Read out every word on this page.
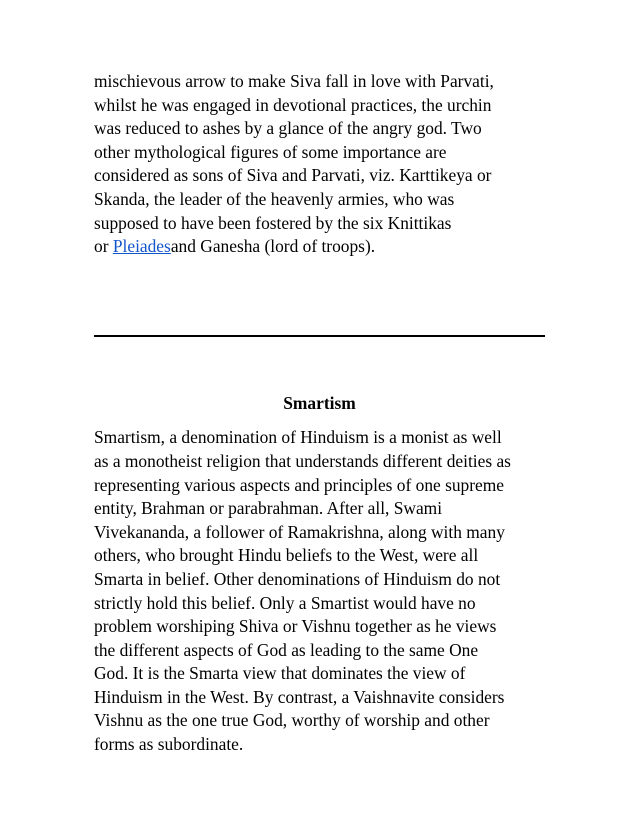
mischievous arrow to make Siva fall in love with Parvati,
whilst he was engaged in devotional practices, the urchin
was reduced to ashes by a glance of the angry god. Two
other mythological figures of some importance are
considered as sons of Siva and Parvati, viz. Karttikeya or
Skanda, the leader of the heavenly armies, who was
supposed to have been fostered by the six Knittikas
or Pleiadesand Ganesha (lord of troops).

Smartism

Smartism, a denomination of Hinduism is a monist as well
as a monotheist religion that understands different deities as
representing various aspects and principles of one supreme
entity, Brahman or parabrahman. After all, Swami
Vivekananda, a follower of Ramakrishna, along with many
others, who brought Hindu beliefs to the West, were all
Smarta in belief. Other denominations of Hinduism do not
strictly hold this belief. Only a Smartist would have no
problem worshiping Shiva or Vishnu together as he views
the different aspects of God as leading to the same One
God. It is the Smarta view that dominates the view of
Hinduism in the West. By contrast, a Vaishnavite considers
Vishnu as the one true God, worthy of worship and other
forms as subordinate.
